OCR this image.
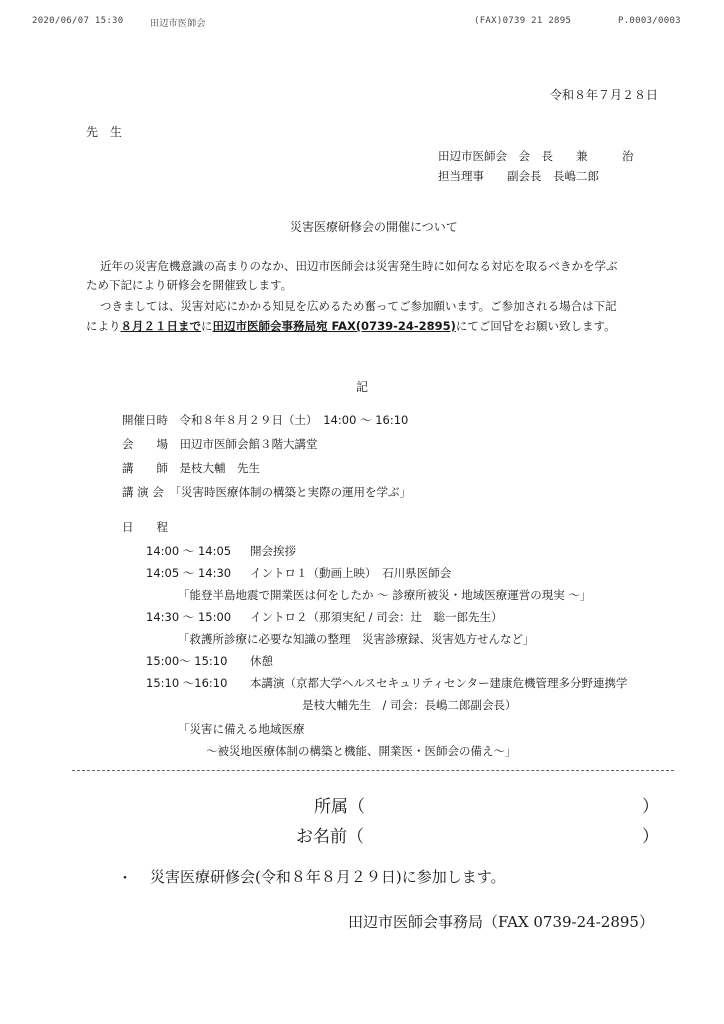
2020/06/07 15:30	田辺市医師会	(FAX)0739 21 2895	P.0003/0003
令和８年７月２８日
先　生
田辺市医師会　会　長　　兼　　　治
担当理事　　副会長　長嶋二郎
災害医療研修会の開催について
近年の災害危機意識の高まりのなか、田辺市医師会は災害発生時に如何なる対応を取るべきかを学ぶ
ため下記により研修会を開催致します。
つきましては、災害対応にかかる知見を広めるため奮ってご参加願います。ご参加される場合は下記
により８月２１日までに田辺市医師会事務局宛 FAX(0739-24-2895)にてご回답をお願い致します。
記
開催日時　 令和８年８月２９日（土）　14:00 ～ 16:10
会　　場　 田辺市医師会館３階大講堂
講　　師　 是枝大輔　先生
講 演 会　 「災害時医療体制の構築と実際の運用を学ぶ」
日　　程
14:00 ～ 14:05 開会挨拶
14:05 ～ 14:30 イントロ１（動画上映）　石川県医師会
「能登半島地震で開業医は何をしたか ～ 診療所被災・地域医療運営の現実 ～」
14:30 ～ 15:00 イントロ２（那須実紀 / 司会：辻　聡一郎先生）
「救護所診療に必要な知識の整理　災害診療録、災害処方せんなど」
15:00～ 15:10 休憩
15:10 ～16:10 本講演（京都大学ヘルスセキュリティセンター建康危機管理多分野連携学
是枝大輔先生　/ 司会：長嶋二郎副会長）
「災害に備える地域医療
～被災地医療体制の構築と機能、開業医・医師会の備え～」
所属（	）
お名前（	）
・ 災害医療研修会(令和８年８月２９日)に参加します。
田辺市医師会事務局（FAX 0739-24-2895）
